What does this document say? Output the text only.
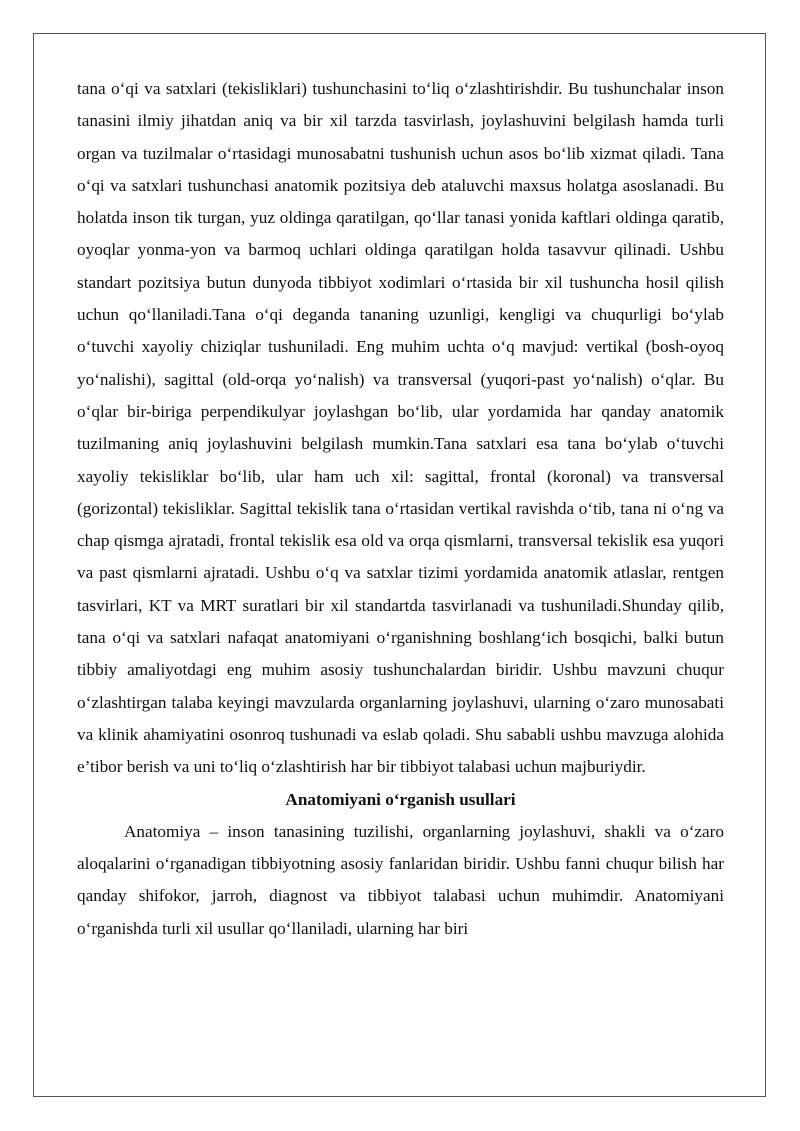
tana o‘qi va satxlari (tekisliklari) tushunchasini to‘liq o‘zlashtirishdir. Bu tushunchalar inson tanasini ilmiy jihatdan aniq va bir xil tarzda tasvirlash, joylashuvini belgilash hamda turli organ va tuzilmalar o‘rtasidagi munosabatni tushunish uchun asos bo‘lib xizmat qiladi. Tana o‘qi va satxlari tushunchasi anatomik pozitsiya deb ataluvchi maxsus holatga asoslanadi. Bu holatda inson tik turgan, yuz oldinga qaratilgan, qo‘llar tanasi yonida kaftlari oldinga qaratib, oyoqlar yonma-yon va barmoq uchlari oldinga qaratilgan holda tasavvur qilinadi. Ushbu standart pozitsiya butun dunyoda tibbiyot xodimlari o‘rtasida bir xil tushuncha hosil qilish uchun qo‘llaniladi.Tana o‘qi deganda tananing uzunligi, kengligi va chuqurligi bo‘ylab o‘tuvchi xayoliy chiziqlar tushuniladi. Eng muhim uchta o‘q mavjud: vertikal (bosh-oyoq yo‘nalishi), sagittal (old-orqa yo‘nalish) va transversal (yuqori-past yo‘nalish) o‘qlar. Bu o‘qlar bir-biriga perpendikulyar joylashgan bo‘lib, ular yordamida har qanday anatomik tuzilmaning aniq joylashuvini belgilash mumkin.Tana satxlari esa tana bo‘ylab o‘tuvchi xayoliy tekisliklar bo‘lib, ular ham uch xil: sagittal, frontal (koronal) va transversal (gorizontal) tekisliklar. Sagittal tekislik tana o‘rtasidan vertikal ravishda o‘tib, tana ni o‘ng va chap qismga ajratadi, frontal tekislik esa old va orqa qismlarni, transversal tekislik esa yuqori va past qismlarni ajratadi. Ushbu o‘q va satxlar tizimi yordamida anatomik atlaslar, rentgen tasvirlari, KT va MRT suratlari bir xil standartda tasvirlanadi va tushuniladi.Shunday qilib, tana o‘qi va satxlari nafaqat anatomiyani o‘rganishning boshlang‘ich bosqichi, balki butun tibbiy amaliyotdagi eng muhim asosiy tushunchalardan biridir. Ushbu mavzuni chuqur o‘zlashtirgan talaba keyingi mavzularda organlarning joylashuvi, ularning o‘zaro munosabati va klinik ahamiyatini osonroq tushunadi va eslab qoladi. Shu sababli ushbu mavzuga alohida e’tibor berish va uni to‘liq o‘zlashtirish har bir tibbiyot talabasi uchun majburiydir.

Anatomiyani o‘rganish usullari

Anatomiya – inson tanasining tuzilishi, organlarning joylashuvi, shakli va o‘zaro aloqalarini o‘rganadigan tibbiyotning asosiy fanlaridan biridir. Ushbu fanni chuqur bilish har qanday shifokor, jarroh, diagnost va tibbiyot talabasi uchun muhimdir. Anatomiyani o‘rganishda turli xil usullar qo‘llaniladi, ularning har biri
